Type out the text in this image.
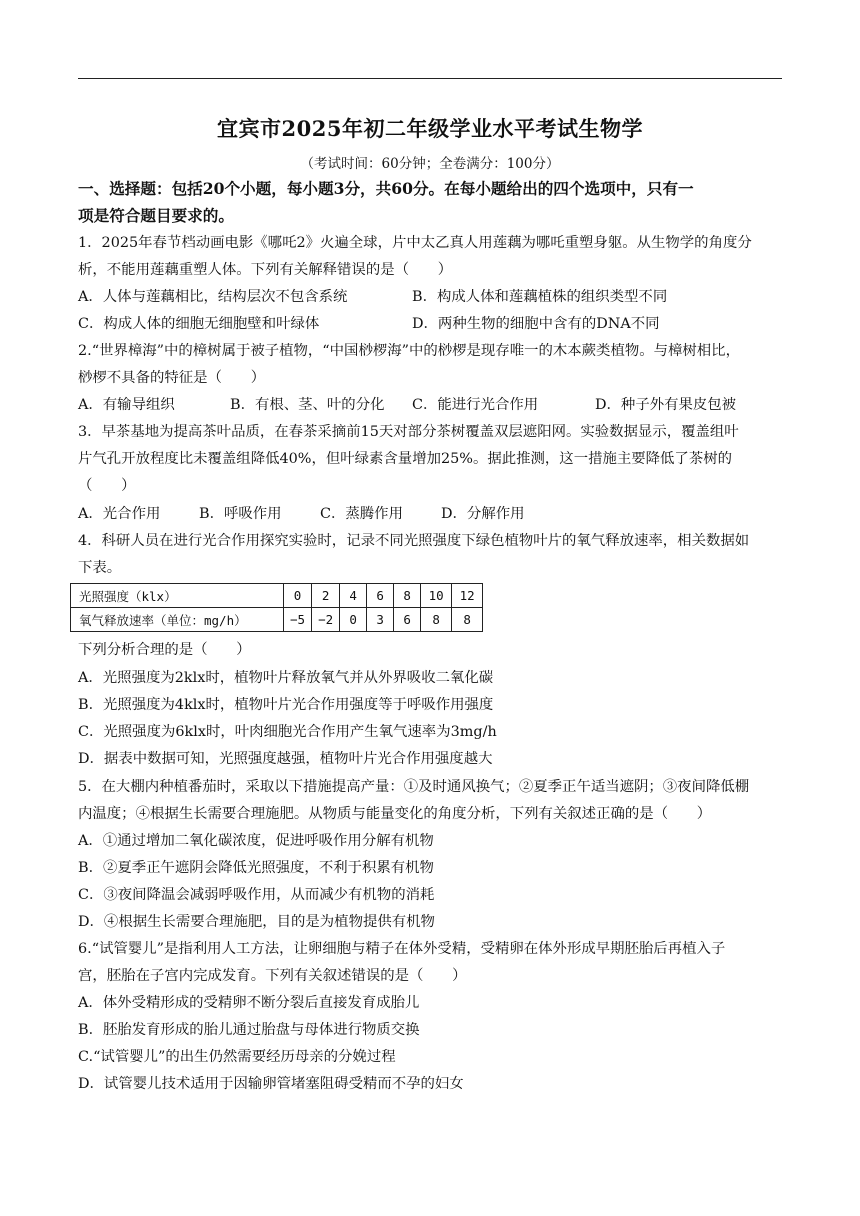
宜宾市2025年初二年级学业水平考试生物学
（考试时间：60分钟；全卷满分：100分）
一、选择题：包括20个小题，每小题3分，共60分。在每小题给出的四个选项中，只有一
项是符合题目要求的。
1．2025年春节档动画电影《哪吒2》火遍全球，片中太乙真人用莲藕为哪吒重塑身躯。从生物学的角度分
析，不能用莲藕重塑人体。下列有关解释错误的是（　　）
A．人体与莲藕相比，结构层次不包含系统	B．构成人体和莲藕植株的组织类型不同
C．构成人体的细胞无细胞壁和叶绿体	D．两种生物的细胞中含有的DNA不同
2.“世界樟海”中的樟树属于被子植物，“中国桫椤海”中的桫椤是现存唯一的木本蕨类植物。与樟树相比，
桫椤不具备的特征是（　　）
A．有输导组织	B．有根、茎、叶的分化 C．能进行光合作用	D．种子外有果皮包被
3．早茶基地为提高茶叶品质，在春茶采摘前15天对部分茶树覆盖双层遮阳网。实验数据显示，覆盖组叶
片气孔开放程度比未覆盖组降低40%，但叶绿素含量增加25%。据此推测，这一措施主要降低了茶树的
（　　）
A．光合作用	B．呼吸作用	C．蒸腾作用	D．分解作用
4．科研人员在进行光合作用探究实验时，记录不同光照强度下绿色植物叶片的氧气释放速率，相关数据如
下表。
光照强度（klx）	0	2	4	6	8	10	12
氧气释放速率（单位：mg/h）	−5	−2	0	3	6	8	8
下列分析合理的是（　　）
A．光照强度为2klx时，植物叶片释放氧气并从外界吸收二氧化碳
B．光照强度为4klx时，植物叶片光合作用强度等于呼吸作用强度
C．光照强度为6klx时，叶肉细胞光合作用产生氧气速率为3mg/h
D．据表中数据可知，光照强度越强，植物叶片光合作用强度越大
5．在大棚内种植番茄时，采取以下措施提高产量：①及时通风换气；②夏季正午适当遮阴；③夜间降低棚
内温度；④根据生长需要合理施肥。从物质与能量变化的角度分析，下列有关叙述正确的是（　　）
A．①通过增加二氧化碳浓度，促进呼吸作用分解有机物
B．②夏季正午遮阴会降低光照强度，不利于积累有机物
C．③夜间降温会减弱呼吸作用，从而减少有机物的消耗
D．④根据生长需要合理施肥，目的是为植物提供有机物
6.“试管婴儿”是指利用人工方法，让卵细胞与精子在体外受精，受精卵在体外形成早期胚胎后再植入子
宫，胚胎在子宫内完成发育。下列有关叙述错误的是（　　）
A．体外受精形成的受精卵不断分裂后直接发育成胎儿
B．胚胎发育形成的胎儿通过胎盘与母体进行物质交换
C.“试管婴儿”的出生仍然需要经历母亲的分娩过程
D．试管婴儿技术适用于因输卵管堵塞阻碍受精而不孕的妇女
